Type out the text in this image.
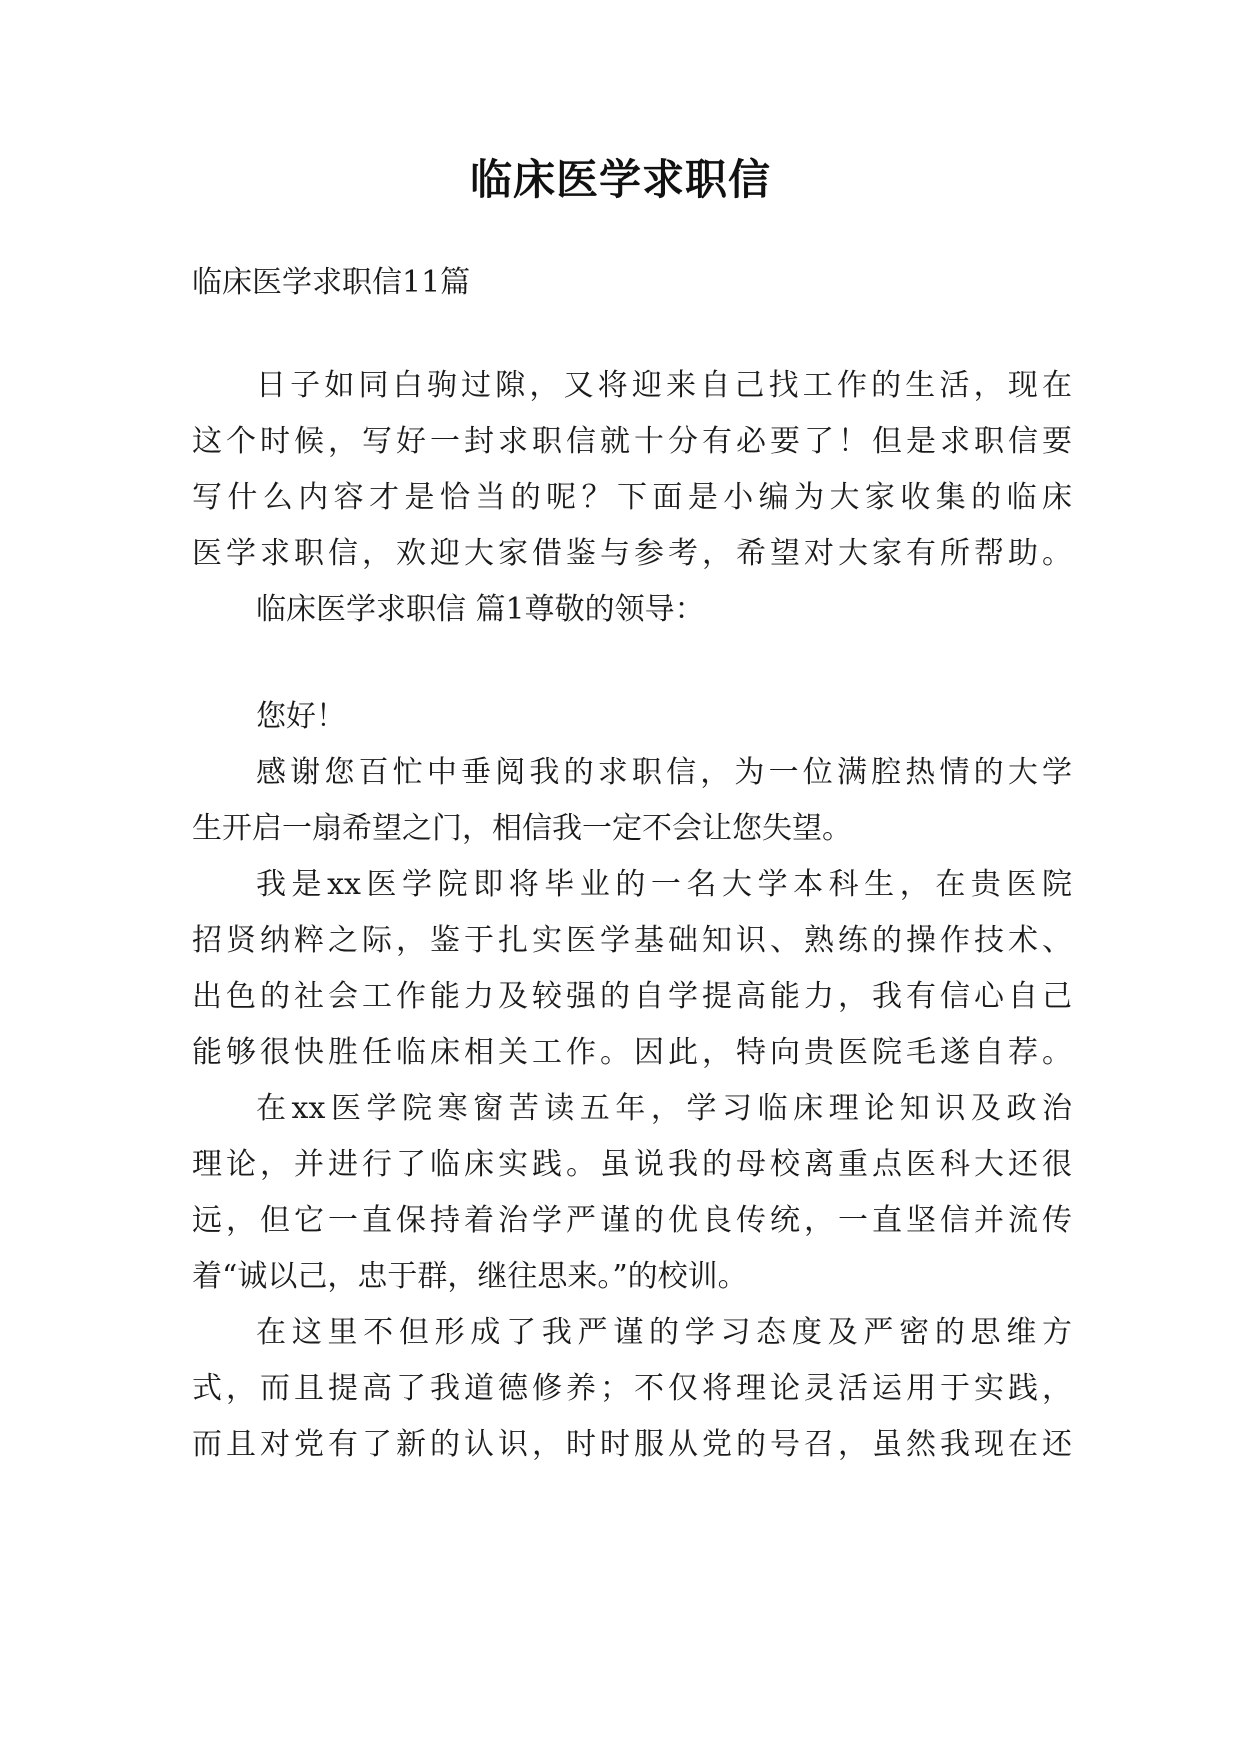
临床医学求职信
临床医学求职信11篇
日子如同白驹过隙，又将迎来自己找工作的生活，现在
这个时候，写好一封求职信就十分有必要了！但是求职信要
写什么内容才是恰当的呢？下面是小编为大家收集的临床
医学求职信，欢迎大家借鉴与参考，希望对大家有所帮助。
临床医学求职信 篇1尊敬的领导：
您好！
感谢您百忙中垂阅我的求职信，为一位满腔热情的大学
生开启一扇希望之门，相信我一定不会让您失望。
我是xx医学院即将毕业的一名大学本科生，在贵医院
招贤纳粹之际，鉴于扎实医学基础知识、熟练的操作技术、
出色的社会工作能力及较强的自学提高能力，我有信心自己
能够很快胜任临床相关工作。因此，特向贵医院毛遂自荐。
在xx医学院寒窗苦读五年，学习临床理论知识及政治
理论，并进行了临床实践。虽说我的母校离重点医科大还很
远，但它一直保持着治学严谨的优良传统，一直坚信并流传
着“诚以己，忠于群，继往思来。”的校训。
在这里不但形成了我严谨的学习态度及严密的思维方
式，而且提高了我道德修养；不仅将理论灵活运用于实践，
而且对党有了新的认识，时时服从党的号召，虽然我现在还
